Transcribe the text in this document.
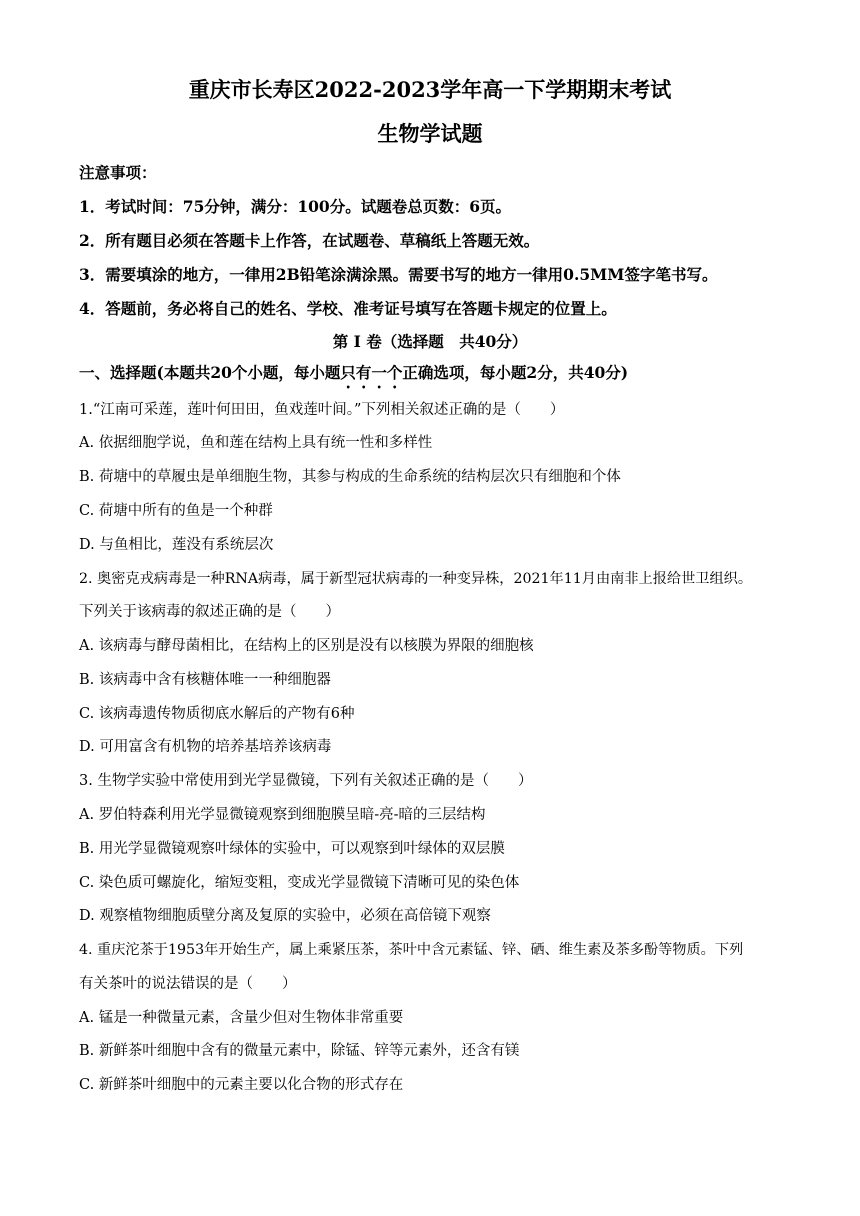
重庆市长寿区2022-2023学年高一下学期期末考试
生物学试题
注意事项：
1．考试时间：75分钟，满分：100分。试题卷总页数：6页。
2．所有题目必须在答题卡上作答，在试题卷、草稿纸上答题无效。
3．需要填涂的地方，一律用2B铅笔涂满涂黑。需要书写的地方一律用0.5MM签字笔书写。
4．答题前，务必将自己的姓名、学校、准考证号填写在答题卡规定的位置上。
第 I 卷（选择题　共40分）
一、选择题(本题共20个小题，每小题只有一个正确选项，每小题2分，共40分)
1.“江南可采莲，莲叶何田田，鱼戏莲叶间。”下列相关叙述正确的是（　　）
A. 依据细胞学说，鱼和莲在结构上具有统一性和多样性
B. 荷塘中的草履虫是单细胞生物，其参与构成的生命系统的结构层次只有细胞和个体
C. 荷塘中所有的鱼是一个种群
D. 与鱼相比，莲没有系统层次
2. 奥密克戎病毒是一种RNA病毒，属于新型冠状病毒的一种变异株，2021年11月由南非上报给世卫组织。
下列关于该病毒的叙述正确的是（　　）
A. 该病毒与酵母菌相比，在结构上的区别是没有以核膜为界限的细胞核
B. 该病毒中含有核糖体唯一一种细胞器
C. 该病毒遗传物质彻底水解后的产物有6种
D. 可用富含有机物的培养基培养该病毒
3. 生物学实验中常使用到光学显微镜，下列有关叙述正确的是（　　）
A. 罗伯特森利用光学显微镜观察到细胞膜呈暗-亮-暗的三层结构
B. 用光学显微镜观察叶绿体的实验中，可以观察到叶绿体的双层膜
C. 染色质可螺旋化，缩短变粗，变成光学显微镜下清晰可见的染色体
D. 观察植物细胞质壁分离及复原的实验中，必须在高倍镜下观察
4. 重庆沱茶于1953年开始生产，属上乘紧压茶，茶叶中含元素锰、锌、硒、维生素及茶多酚等物质。下列
有关茶叶的说法错误的是（　　）
A. 锰是一种微量元素，含量少但对生物体非常重要
B. 新鲜茶叶细胞中含有的微量元素中，除锰、锌等元素外，还含有镁
C. 新鲜茶叶细胞中的元素主要以化合物的形式存在
